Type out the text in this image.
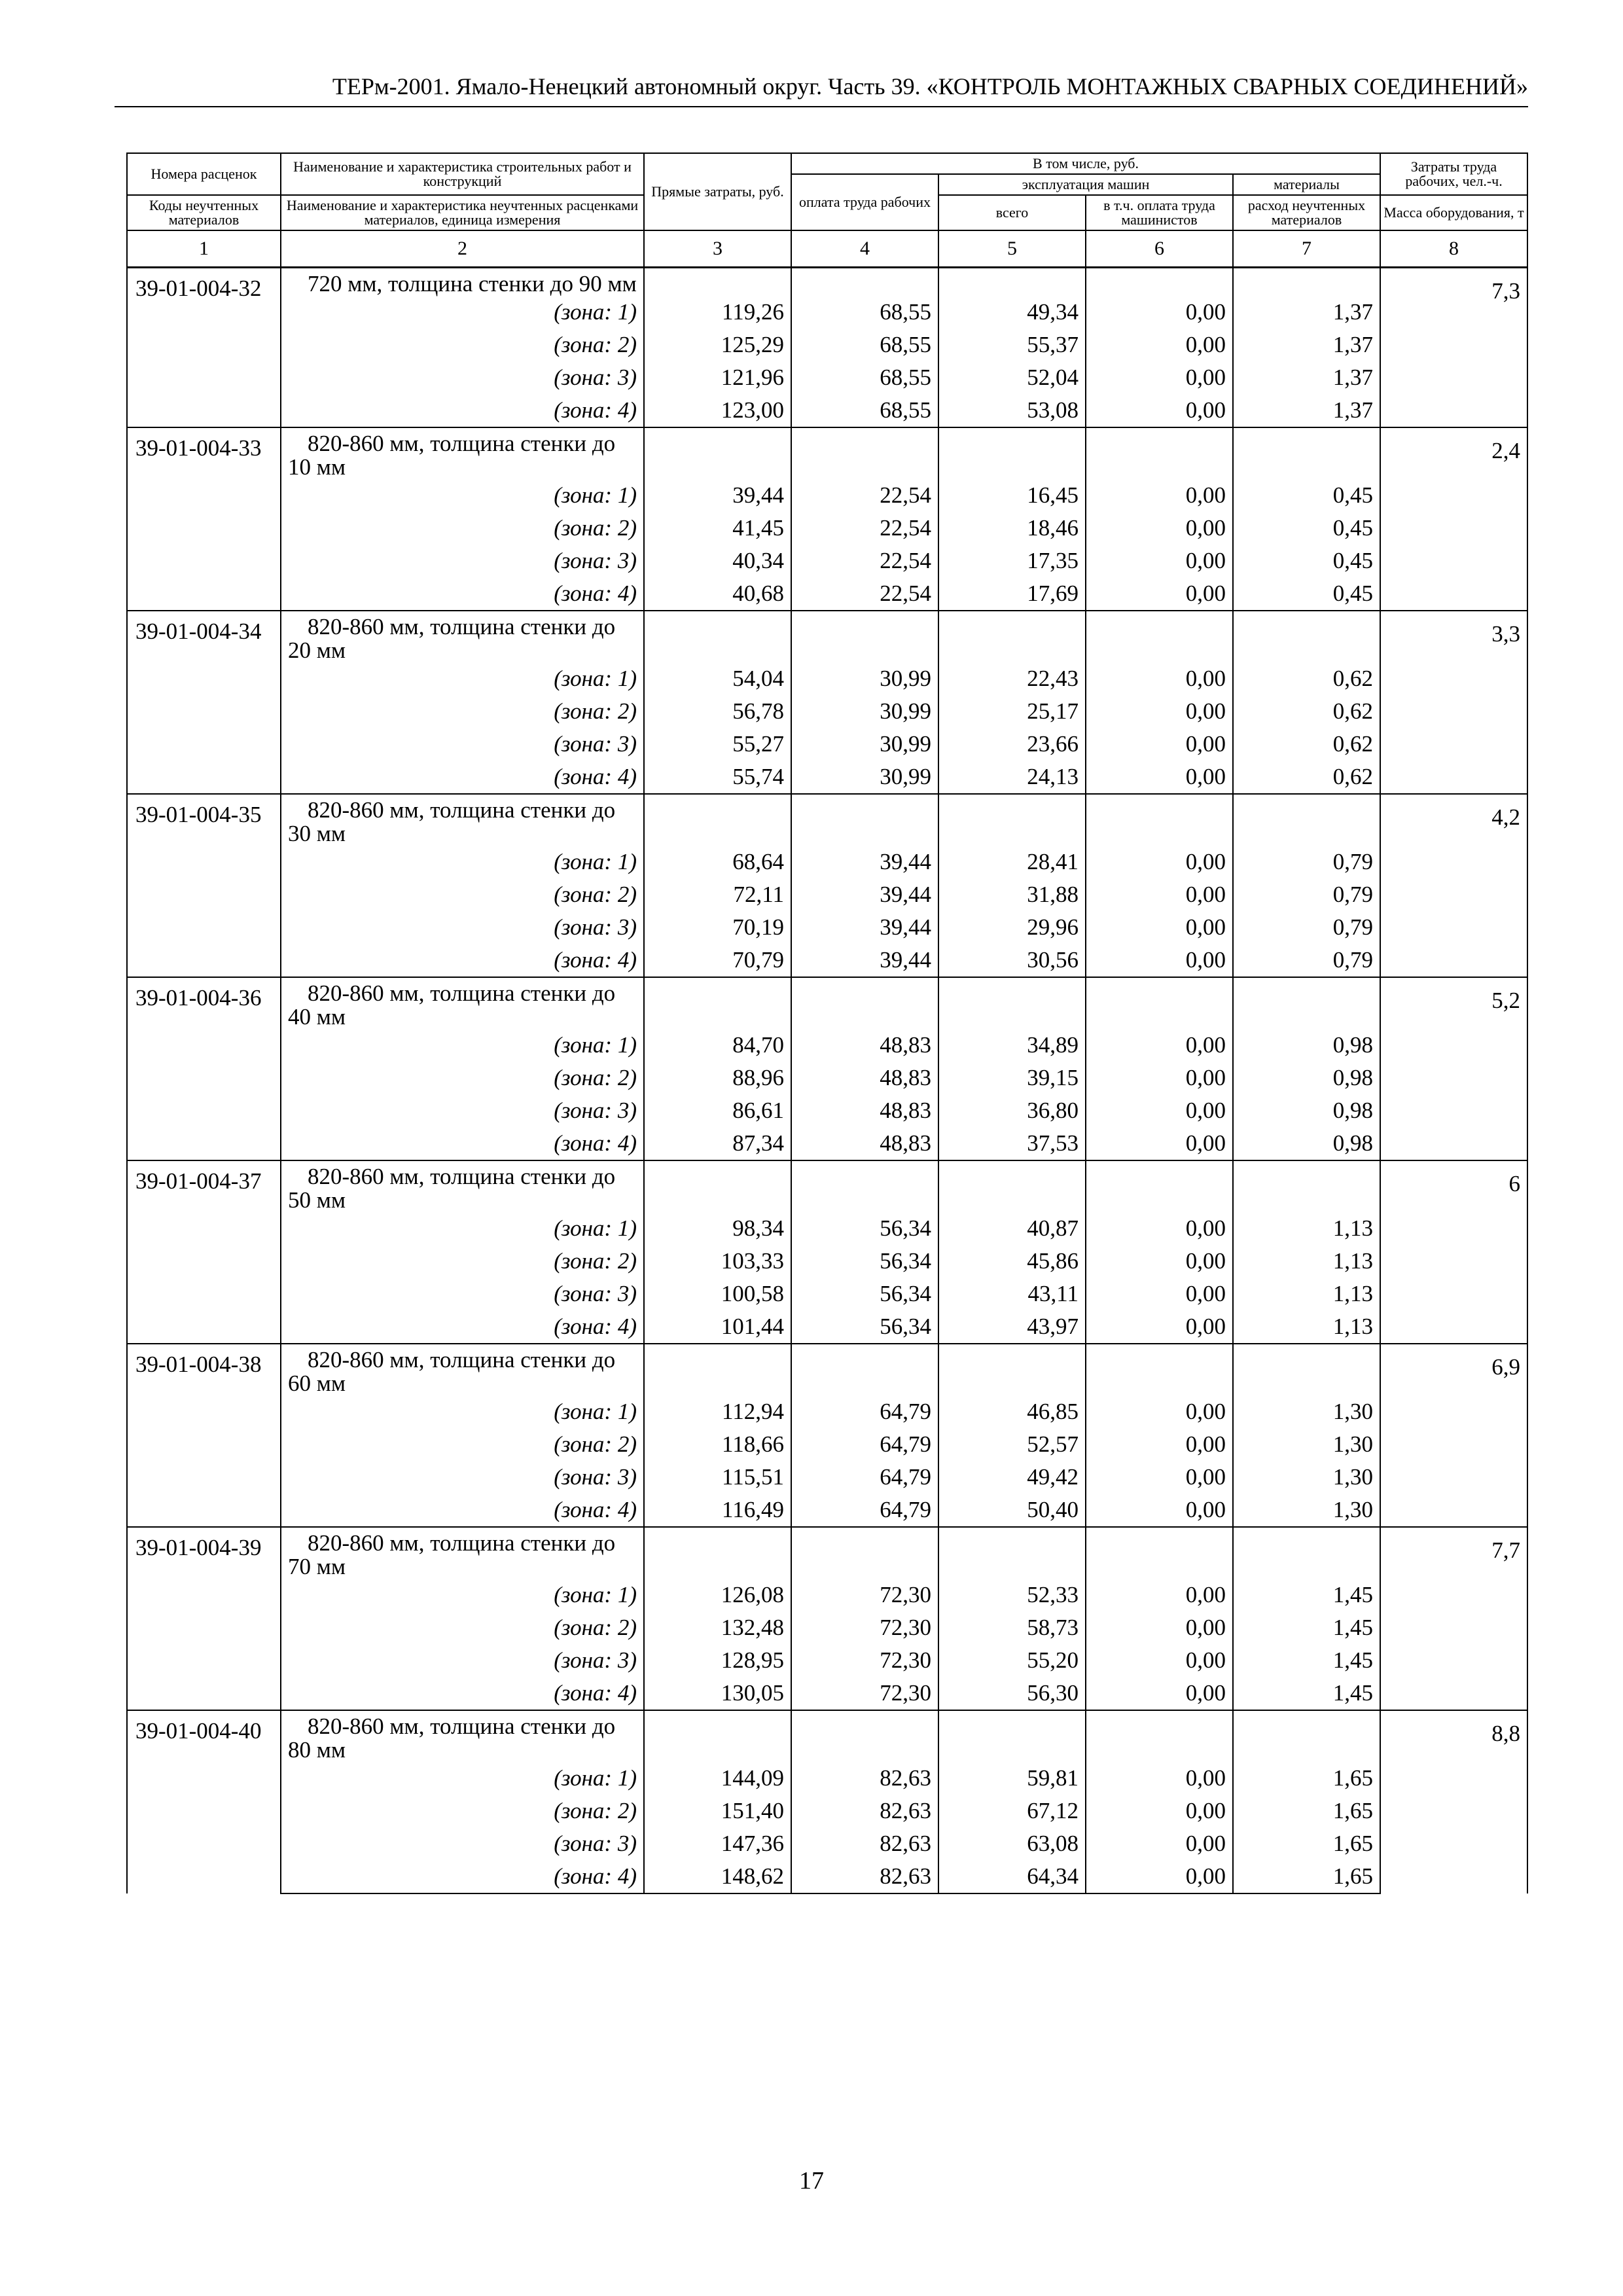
ТЕРм-2001. Ямало-Ненецкий автономный округ. Часть 39. «КОНТРОЛЬ МОНТАЖНЫХ СВАРНЫХ СОЕДИНЕНИЙ»
Номера расценок	Наименование и характеристика строительных работ и конструкций	Прямые затраты, руб.	В том числе, руб.				Затраты труда рабочих, чел.-ч.
			оплата труда рабочих	эксплуатация машин		материалы	

Коды неучтенных материалов	Наименование и характеристика неучтенных расценками материалов, единица измерения			всего	в т.ч. оплата труда машинистов	расход неучтенных материалов	Масса оборудования, т

1	2	3	4	5	6	7	8
39-01-004-32	720 мм, толщина стенки до 90 мм						7,3
	(зона: 1)	119,26	68,55	49,34	0,00	1,37	
	(зона: 2)	125,29	68,55	55,37	0,00	1,37	
	(зона: 3)	121,96	68,55	52,04	0,00	1,37	
	(зона: 4)	123,00	68,55	53,08	0,00	1,37	
39-01-004-33	820-860 мм, толщина стенки до 10 мм						2,4
	(зона: 1)	39,44	22,54	16,45	0,00	0,45	
	(зона: 2)	41,45	22,54	18,46	0,00	0,45	
	(зона: 3)	40,34	22,54	17,35	0,00	0,45	
	(зона: 4)	40,68	22,54	17,69	0,00	0,45	
39-01-004-34	820-860 мм, толщина стенки до 20 мм						3,3
	(зона: 1)	54,04	30,99	22,43	0,00	0,62	
	(зона: 2)	56,78	30,99	25,17	0,00	0,62	
	(зона: 3)	55,27	30,99	23,66	0,00	0,62	
	(зона: 4)	55,74	30,99	24,13	0,00	0,62	
39-01-004-35	820-860 мм, толщина стенки до 30 мм						4,2
	(зона: 1)	68,64	39,44	28,41	0,00	0,79	
	(зона: 2)	72,11	39,44	31,88	0,00	0,79	
	(зона: 3)	70,19	39,44	29,96	0,00	0,79	
	(зона: 4)	70,79	39,44	30,56	0,00	0,79	
39-01-004-36	820-860 мм, толщина стенки до 40 мм						5,2
	(зона: 1)	84,70	48,83	34,89	0,00	0,98	
	(зона: 2)	88,96	48,83	39,15	0,00	0,98	
	(зона: 3)	86,61	48,83	36,80	0,00	0,98	
	(зона: 4)	87,34	48,83	37,53	0,00	0,98	
39-01-004-37	820-860 мм, толщина стенки до 50 мм						6
	(зона: 1)	98,34	56,34	40,87	0,00	1,13	
	(зона: 2)	103,33	56,34	45,86	0,00	1,13	
	(зона: 3)	100,58	56,34	43,11	0,00	1,13	
	(зона: 4)	101,44	56,34	43,97	0,00	1,13	
39-01-004-38	820-860 мм, толщина стенки до 60 мм						6,9
	(зона: 1)	112,94	64,79	46,85	0,00	1,30	
	(зона: 2)	118,66	64,79	52,57	0,00	1,30	
	(зона: 3)	115,51	64,79	49,42	0,00	1,30	
	(зона: 4)	116,49	64,79	50,40	0,00	1,30	
39-01-004-39	820-860 мм, толщина стенки до 70 мм						7,7
	(зона: 1)	126,08	72,30	52,33	0,00	1,45	
	(зона: 2)	132,48	72,30	58,73	0,00	1,45	
	(зона: 3)	128,95	72,30	55,20	0,00	1,45	
	(зона: 4)	130,05	72,30	56,30	0,00	1,45	
39-01-004-40	820-860 мм, толщина стенки до 80 мм						8,8
	(зона: 1)	144,09	82,63	59,81	0,00	1,65	
	(зона: 2)	151,40	82,63	67,12	0,00	1,65	
	(зона: 3)	147,36	82,63	63,08	0,00	1,65	
	(зона: 4)	148,62	82,63	64,34	0,00	1,65	
17
